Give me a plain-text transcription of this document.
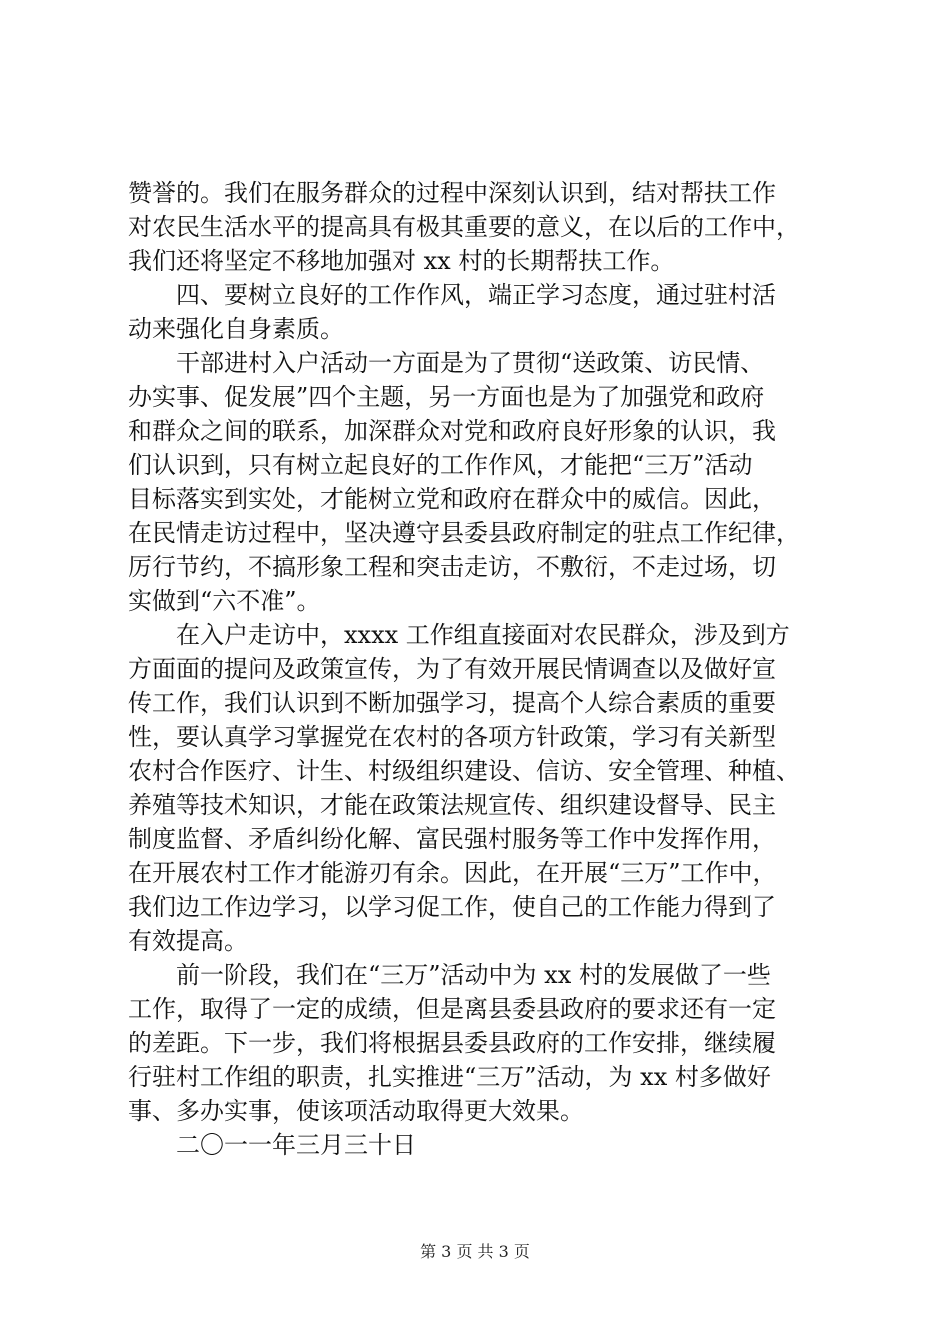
赞誉的。我们在服务群众的过程中深刻认识到，结对帮扶工作

对农民生活水平的提高具有极其重要的意义，在以后的工作中，

我们还将坚定不移地加强对 xx 村的长期帮扶工作。

四、要树立良好的工作作风，端正学习态度，通过驻村活

动来强化自身素质。

干部进村入户活动一方面是为了贯彻“送政策、访民情、

办实事、促发展”四个主题，另一方面也是为了加强党和政府

和群众之间的联系，加深群众对党和政府良好形象的认识，我

们认识到，只有树立起良好的工作作风，才能把“三万”活动

目标落实到实处，才能树立党和政府在群众中的威信。因此，

在民情走访过程中，坚决遵守县委县政府制定的驻点工作纪律，

厉行节约，不搞形象工程和突击走访，不敷衍，不走过场，切

实做到“六不准”。

在入户走访中，xxxx 工作组直接面对农民群众，涉及到方

方面面的提问及政策宣传，为了有效开展民情调查以及做好宣

传工作，我们认识到不断加强学习，提高个人综合素质的重要

性，要认真学习掌握党在农村的各项方针政策，学习有关新型

农村合作医疗、计生、村级组织建设、信访、安全管理、种植、

养殖等技术知识，才能在政策法规宣传、组织建设督导、民主

制度监督、矛盾纠纷化解、富民强村服务等工作中发挥作用，

在开展农村工作才能游刃有余。因此，在开展“三万”工作中，

我们边工作边学习，以学习促工作，使自己的工作能力得到了

有效提高。

前一阶段，我们在“三万”活动中为 xx 村的发展做了一些

工作，取得了一定的成绩，但是离县委县政府的要求还有一定

的差距。下一步，我们将根据县委县政府的工作安排，继续履

行驻村工作组的职责，扎实推进“三万”活动，为 xx 村多做好

事、多办实事，使该项活动取得更大效果。

二〇一一年三月三十日

第 3 页 共 3 页
